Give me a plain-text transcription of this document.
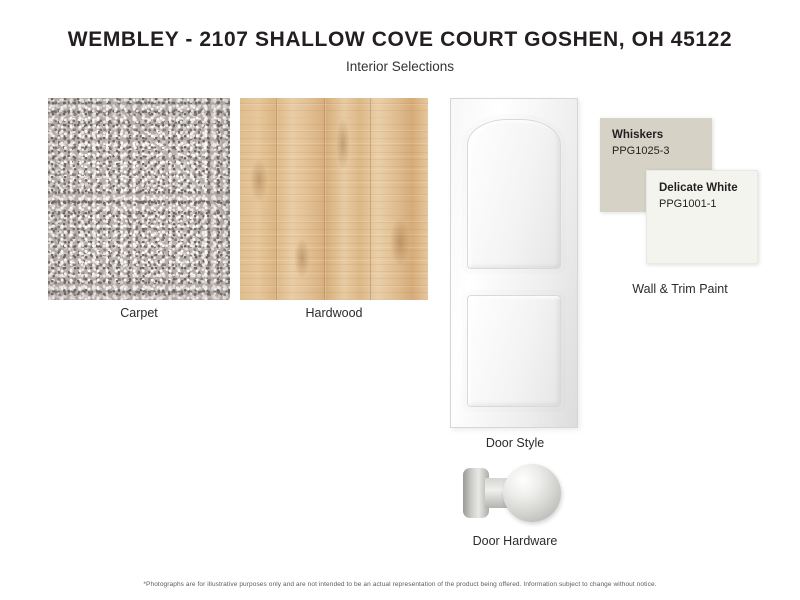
WEMBLEY - 2107 SHALLOW COVE COURT GOSHEN, OH 45122
Interior Selections
Carpet	Hardwood
Door Style
Door Hardware
Whiskers
PPG1025-3
Delicate White
PPG1001-1
Wall & Trim Paint
*Photographs are for illustrative purposes only and are not intended to be an actual representation of the product being offered. Information subject to change without notice.
